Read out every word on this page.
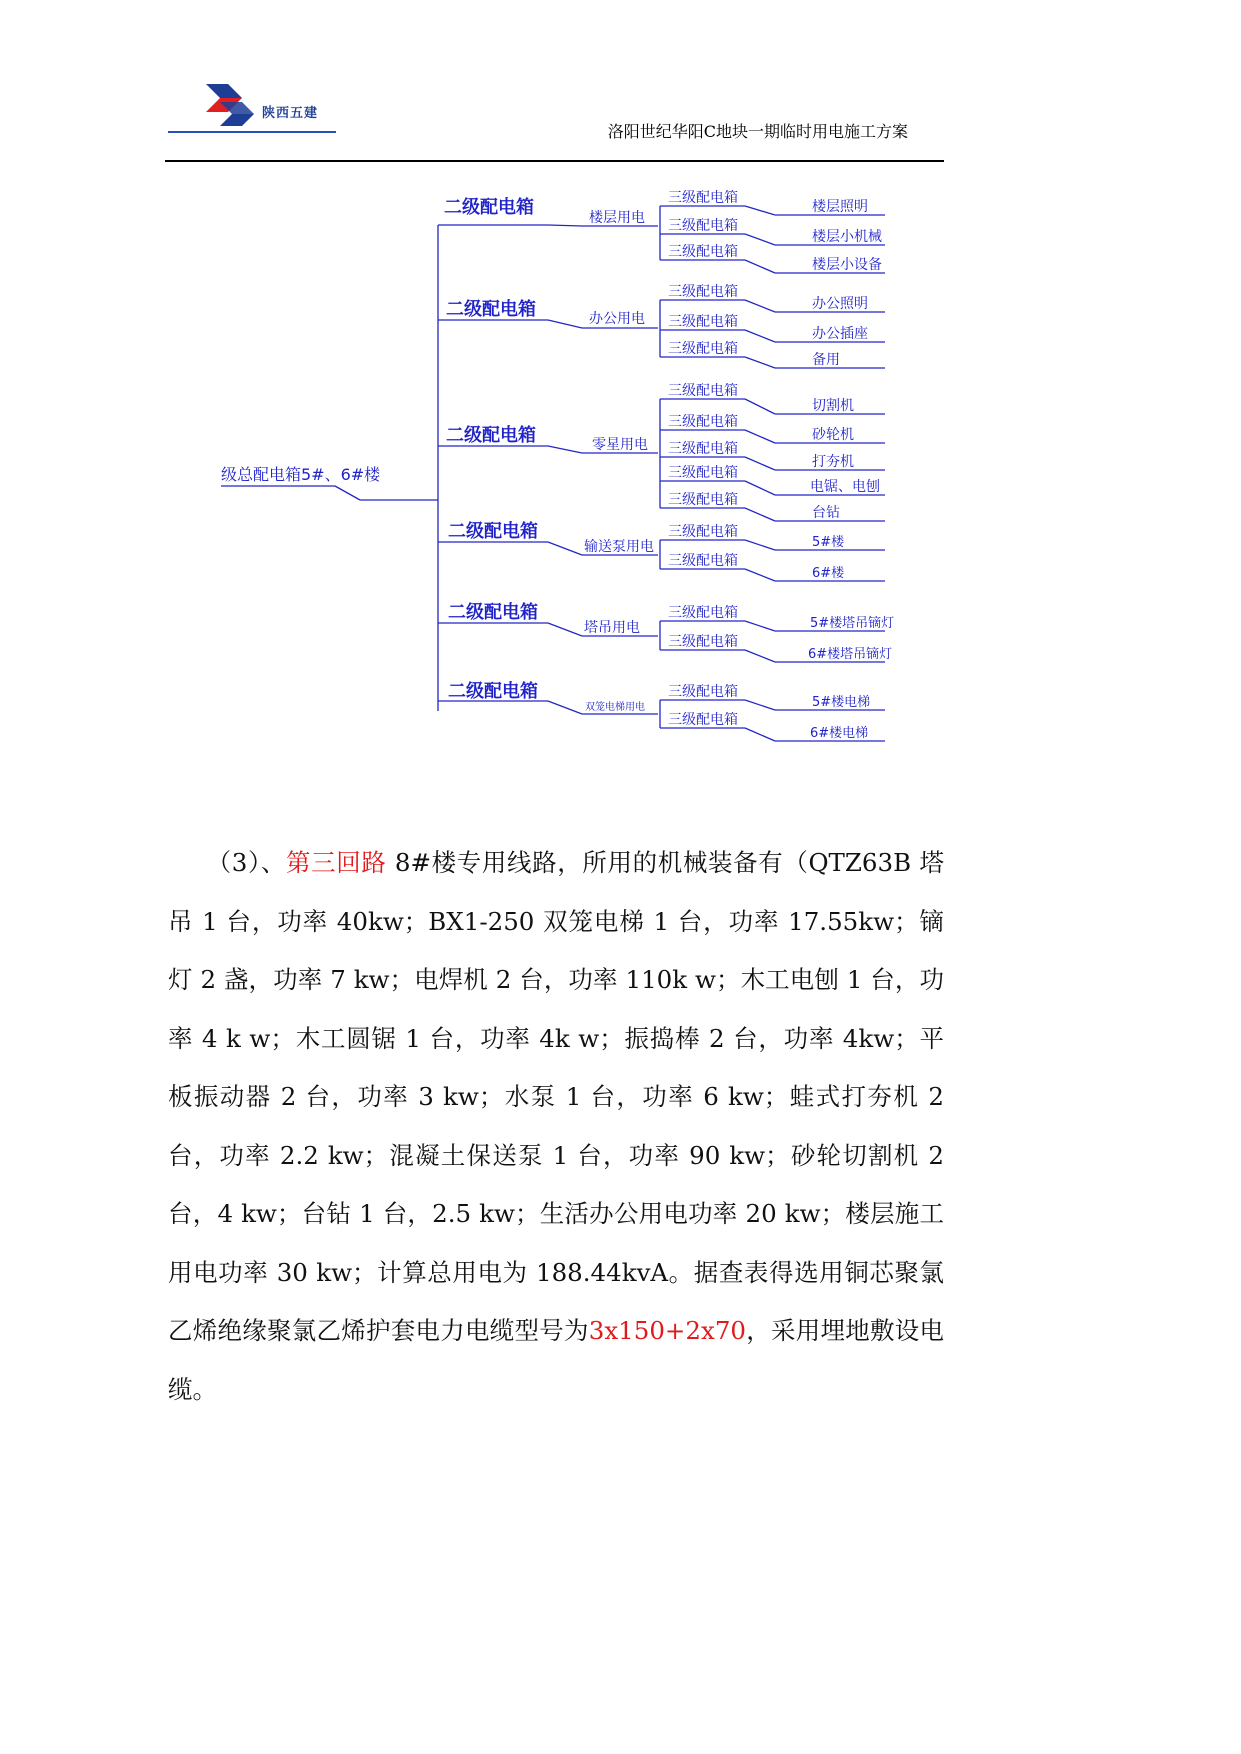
陕西五建
洛阳世纪华阳C地块一期临时用电施工方案
级总配电箱5#、6#楼
二级配电箱	楼层用电
三级配电箱
三级配电箱
三级配电箱
楼层照明
楼层小机械
楼层小设备
二级配电箱	办公用电
三级配电箱
三级配电箱
三级配电箱
办公照明
办公插座
备用
二级配电箱	零星用电
三级配电箱
三级配电箱
三级配电箱
三级配电箱
三级配电箱
切割机
砂轮机
打夯机
电锯、电刨
台钻
二级配电箱
输送泵用电
三级配电箱
三级配电箱
5#楼
6#楼
二级配电箱
塔吊用电
三级配电箱
三级配电箱
5#楼塔吊镝灯
6#楼塔吊镝灯
二级配电箱
双笼电梯用电
三级配电箱
三级配电箱
5#楼电梯
6#楼电梯

（3）、第三回路 8#楼专用线路，所用的机械装备有（QTZ63B 塔吊 1 台，功率 40kw；BX1-250 双笼电梯 1 台，功率 17.55kw；镝灯 2 盏，功率 7 kw；电焊机 2 台，功率 110k w；木工电刨 1 台，功率 4 k w；木工圆锯 1 台，功率 4k w；振捣棒 2 台，功率 4kw；平板振动器 2 台，功率 3 kw；水泵 1 台，功率 6 kw；蛙式打夯机 2 台，功率 2.2 kw；混凝土保送泵 1 台，功率 90 kw；砂轮切割机 2 台，4 kw；台钻 1 台，2.5 kw；生活办公用电功率 20 kw；楼层施工用电功率 30 kw；计算总用电为 188.44kvA。据查表得选用铜芯聚氯乙烯绝缘聚氯乙烯护套电力电缆型号为3x150+2x70，采用埋地敷设电缆。
